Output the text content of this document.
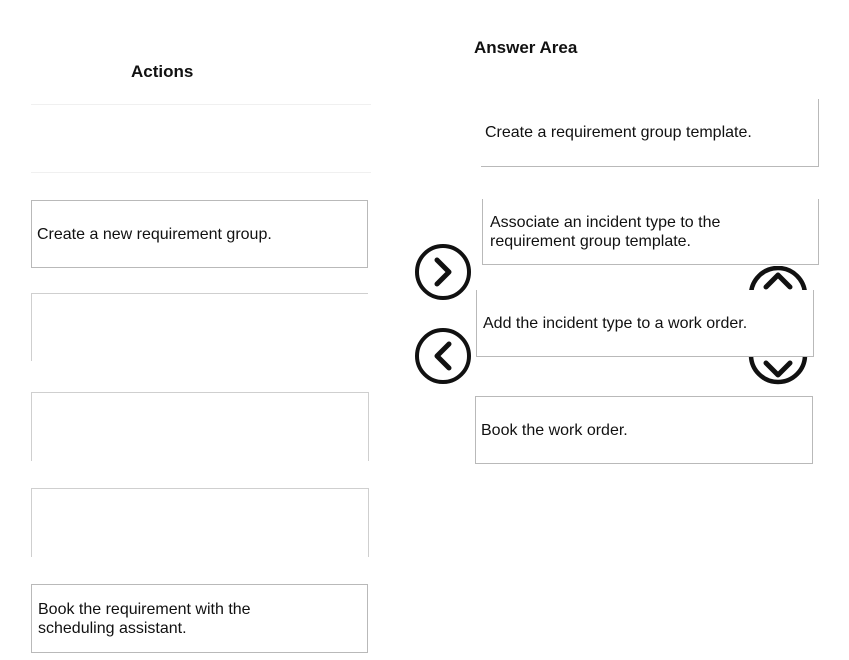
Actions
Answer Area
Create a new requirement group.
Book the requirement with the scheduling assistant.
Create a requirement group template.
Associate an incident type to the requirement group template.
Add the incident type to a work order.
Book the work order.
